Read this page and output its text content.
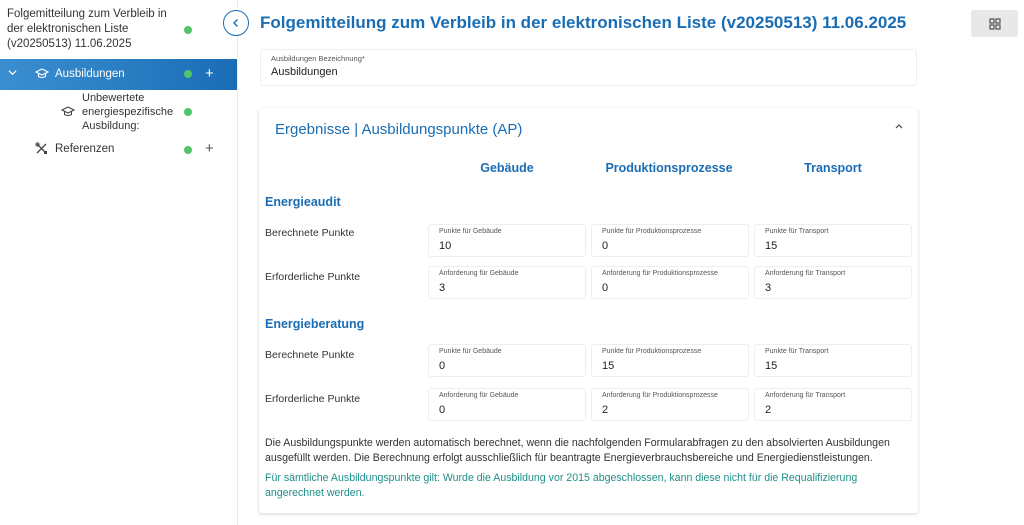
Folgemitteilung zum Verbleib in der elektronischen Liste (v20250513) 11.06.2025
Ausbildungen	+
Unbewertete energiespezifische Ausbildung:
Referenzen	+
Folgemitteilung zum Verbleib in der elektronischen Liste (v20250513) 11.06.2025
Ausbildungen Bezeichnung*
Ausbildungen
Ergebnisse | Ausbildungspunkte (AP)
Gebäude	Produktionsprozesse	Transport
Energieaudit
Berechnete Punkte	Punkte für Gebäude
10
Punkte für Produktionsprozesse
0
Punkte für Transport
15
Erforderliche Punkte	Anforderung für Gebäude
3
Anforderung für Produktionsprozesse
0
Anforderung für Transport
3
Energieberatung
Berechnete Punkte	Punkte für Gebäude
0
Punkte für Produktionsprozesse
15
Punkte für Transport
15
Erforderliche Punkte	Anforderung für Gebäude
0
Anforderung für Produktionsprozesse
2
Anforderung für Transport
2

Die Ausbildungspunkte werden automatisch berechnet, wenn die nachfolgenden Formularabfragen zu den absolvierten Ausbildungen ausgefüllt werden. Die Berechnung erfolgt ausschließlich für beantragte Energieverbrauchsbereiche und Energiedienstleistungen.

Für sämtliche Ausbildungspunkte gilt: Wurde die Ausbildung vor 2015 abgeschlossen, kann diese nicht für die Requalifizierung angerechnet werden.
